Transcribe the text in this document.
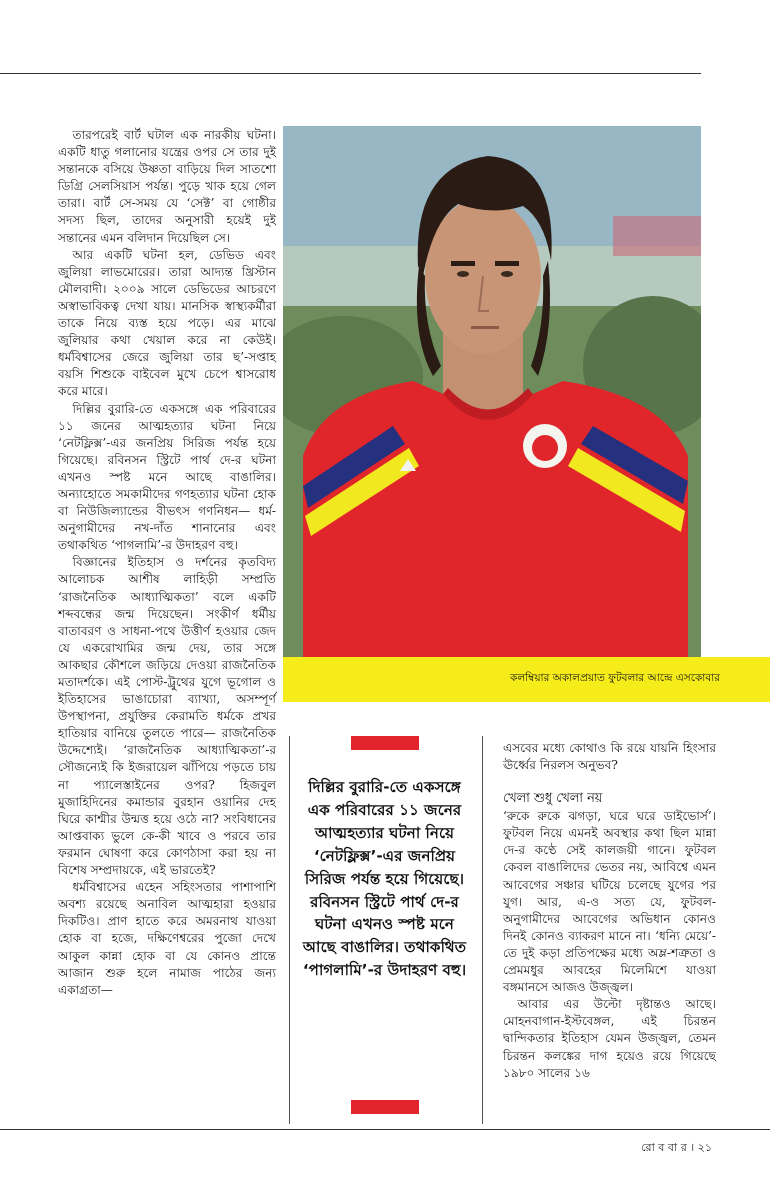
তারপরেই বার্ট ঘটাল এক নারকীয় ঘটনা। একটি ধাতু গলানোর যন্ত্রের ওপর সে তার দুই সন্তানকে বসিয়ে উষ্ণতা বাড়িয়ে দিল সাতশো ডিগ্রি সেলসিয়াস পর্যন্ত। পুড়ে খাক হয়ে গেল তারা। বার্ট সে-সময় যে ‘সেক্ট’ বা গোষ্ঠীর সদস্য ছিল, তাদের অনুসারী হয়েই দুই সন্তানের এমন বলিদান দিয়েছিল সে।

আর একটি ঘটনা হল, ডেভিড এবং জুলিয়া লাভমোরের। তারা আদ্যন্ত খ্রিস্টান মৌলবাদী। ২০০৯ সালে ডেভিডের আচরণে অস্বাভাবিকত্ব দেখা যায়। মানসিক স্বাস্থ্যকর্মীরা তাকে নিয়ে ব্যস্ত হয়ে পড়ে। এর মাঝে জুলিয়ার কথা খেয়াল করে না কেউই। ধর্মবিশ্বাসের জেরে জুলিয়া তার ছ’-সপ্তাহ বয়সি শিশুকে বাইবেল মুখে চেপে শ্বাসরোধ করে মারে।

দিল্লির বুরারি-তে একসঙ্গে এক পরিবারের ১১ জনের আত্মহত্যার ঘটনা নিয়ে ‘নেটফ্লিক্স’-এর জনপ্রিয় সিরিজ পর্যন্ত হয়ে গিয়েছে। রবিনসন স্ট্রিটে পার্থ দে-র ঘটনা এখনও স্পষ্ট মনে আছে বাঙালির। অন্যাহোতে সমকামীদের গণহত্যার ঘটনা হোক বা নিউজিল্যান্ডের বীভৎস গণনিধন— ধর্ম-অনুগামীদের নখ-দাঁত শানানোর এবং তথাকথিত ‘পাগলামি’-র উদাহরণ বহু।

বিজ্ঞানের ইতিহাস ও দর্শনের কৃতবিদ্য আলোচক আশীষ লাহিড়ী সম্প্রতি ‘রাজনৈতিক আধ্যাত্মিকতা’ বলে একটি শব্দবন্ধের জন্ম দিয়েছেন। সংকীর্ণ ধর্মীয় বাতাবরণ ও সাধনা-পথে উত্তীর্ণ হওয়ার জেদ যে একরোখামির জন্ম দেয়, তার সঙ্গে আকছার কৌশলে জড়িয়ে দেওয়া রাজনৈতিক মতাদর্শকে। এই পোস্ট-ট্রুথের যুগে ভূগোল ও ইতিহাসের ভাঙাচোরা ব্যাখ্যা, অসম্পূর্ণ উপস্থাপনা, প্রযুক্তির কেরামতি ধর্মকে প্রখর হাতিয়ার বানিয়ে তুলতে পারে— রাজনৈতিক উদ্দেশ্যেই। ‘রাজনৈতিক আধ্যাত্মিকতা’-র সৌজন্যেই কি ইজরায়েল ঝাঁপিয়ে পড়তে চায় না প্যালেস্তাইনের ওপর? হিজবুল মুজাহিদিনের কমান্ডার বুরহান ওয়ানির দেহ ঘিরে কাশ্মীর উন্মত্ত হয়ে ওঠে না? সংবিধানের আপ্তবাক্য ভুলে কে-কী খাবে ও পরবে তার ফরমান ঘোষণা করে কোণঠাসা করা হয় না বিশেষ সম্প্রদায়কে, এই ভারতেই?

ধর্মবিশ্বাসের এহেন সহিংসতার পাশাপাশি অবশ্য রয়েছে অনাবিল আত্মহারা হওয়ার দিকটিও। প্রাণ হাতে করে অমরনাথ যাওয়া হোক বা হজে, দক্ষিণেশ্বরের পুজো দেখে আকুল কান্না হোক বা যে কোনও প্রান্তে আজান শুরু হলে নামাজ পাঠের জন্য একাগ্রতা—

কলম্বিয়ার অকালপ্রয়াত ফুটবলার আন্দ্রে এসকোবার

দিল্লির বুরারি-তে একসঙ্গে এক পরিবারের ১১ জনের আত্মহত্যার ঘটনা নিয়ে ‘নেটফ্লিক্স’-এর জনপ্রিয় সিরিজ পর্যন্ত হয়ে গিয়েছে। রবিনসন স্ট্রিটে পার্থ দে-র ঘটনা এখনও স্পষ্ট মনে আছে বাঙালির। তথাকথিত ‘পাগলামি’-র উদাহরণ বহু।

এসবের মধ্যে কোথাও কি রয়ে যায়নি হিংসার ঊর্ধ্বের নিরলস অনুভব?

খেলা শুধু খেলা নয়

‘রুকে রুকে ঝগড়া, ঘরে ঘরে ডাইভোর্স’। ফুটবল নিয়ে এমনই অবস্থার কথা ছিল মান্না দে-র কণ্ঠে সেই কালজয়ী গানে। ফুটবল কেবল বাঙালিদের ভেতর নয়, আবিশ্বে এমন আবেগের সঞ্চার ঘটিয়ে চলেছে যুগের পর যুগ। আর, এ-ও সত্য যে, ফুটবল-অনুগামীদের আবেগের অভিধান কোনও দিনই কোনও ব্যাকরণ মানে না। ‘ধন্যি মেয়ে’-তে দুই কড়া প্রতিপক্ষের মধ্যে অম্ল-শত্রুতা ও প্রেমমধুর আবহের মিলেমিশে যাওয়া বঙ্গমানসে আজও উজ্জ্বল।

আবার এর উল্টো দৃষ্টান্তও আছে। মোহনবাগান-ইস্টবেঙ্গল, এই চিরন্তন দ্বান্দিকতার ইতিহাস যেমন উজ্জ্বল, তেমন চিরন্তন কলঙ্কের দাগ হয়েও রয়ে গিয়েছে ১৯৮০ সালের ১৬

রো ব বা র । ২১
